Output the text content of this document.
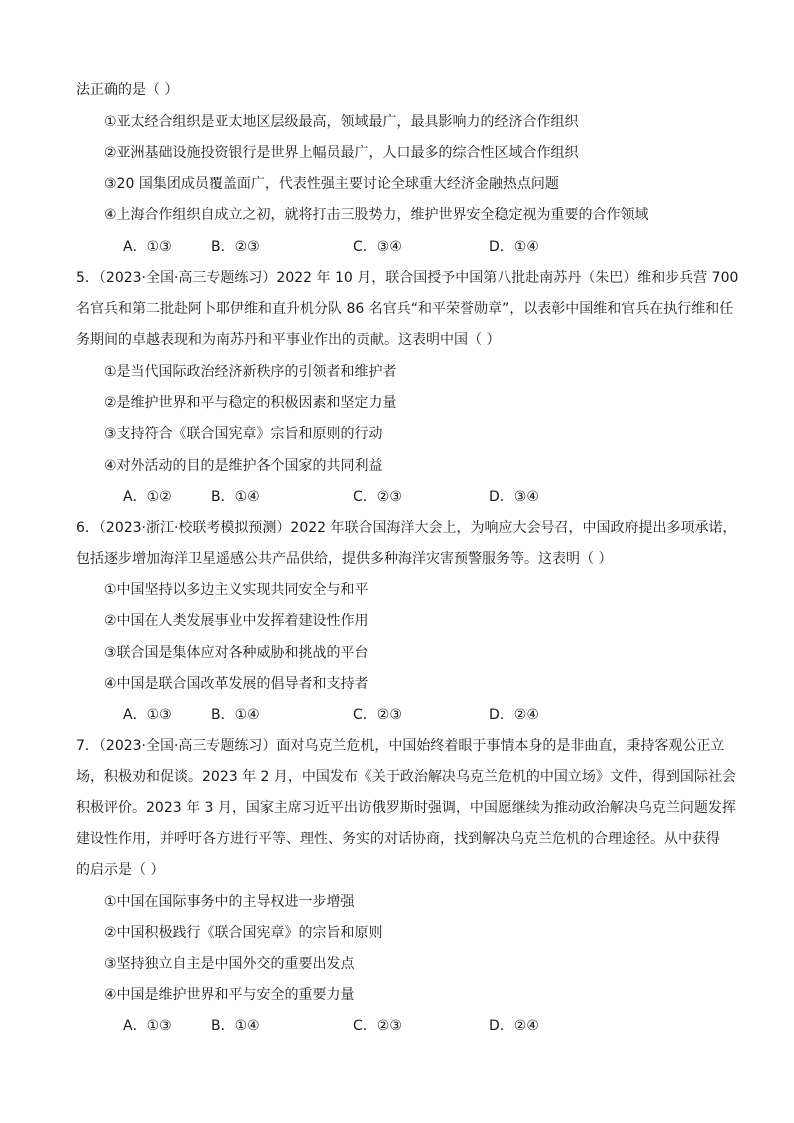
法正确的是（ ）
①亚太经合组织是亚太地区层级最高，领域最广，最具影响力的经济合作组织
②亚洲基础设施投资银行是世界上幅员最广，人口最多的综合性区域合作组织
③20 国集团成员覆盖面广，代表性强主要讨论全球重大经济金融热点问题
④上海合作组织自成立之初，就将打击三股势力，维护世界安全稳定视为重要的合作领域
A．①③	B．②③	C．③④	D．①④
5．（2023·全国·高三专题练习）2022 年 10 月，联合国授予中国第八批赴南苏丹（朱巴）维和步兵营 700
名官兵和第二批赴阿卜耶伊维和直升机分队 86 名官兵“和平荣誉勋章”，以表彰中国维和官兵在执行维和任
务期间的卓越表现和为南苏丹和平事业作出的贡献。这表明中国（ ）
①是当代国际政治经济新秩序的引领者和维护者
②是维护世界和平与稳定的积极因素和坚定力量
③支持符合《联合国宪章》宗旨和原则的行动
④对外活动的目的是维护各个国家的共同利益
A．①②	B．①④	C．②③	D．③④
6．（2023·浙江·校联考模拟预测）2022 年联合国海洋大会上，为响应大会号召，中国政府提出多项承诺，
包括逐步增加海洋卫星遥感公共产品供给，提供多种海洋灾害预警服务等。这表明（ ）
①中国坚持以多边主义实现共同安全与和平
②中国在人类发展事业中发挥着建设性作用
③联合国是集体应对各种威胁和挑战的平台
④中国是联合国改革发展的倡导者和支持者
A．①③	B．①④	C．②③	D．②④
7．（2023·全国·高三专题练习）面对乌克兰危机，中国始终着眼于事情本身的是非曲直，秉持客观公正立
场，积极劝和促谈。2023 年 2 月，中国发布《关于政治解决乌克兰危机的中国立场》文件，得到国际社会
积极评价。2023 年 3 月，国家主席习近平出访俄罗斯时强调，中国愿继续为推动政治解决乌克兰问题发挥
建设性作用，并呼吁各方进行平等、理性、务实的对话协商，找到解决乌克兰危机的合理途径。从中获得
的启示是（ ）
①中国在国际事务中的主导权进一步增强
②中国积极践行《联合国宪章》的宗旨和原则
③坚持独立自主是中国外交的重要出发点
④中国是维护世界和平与安全的重要力量
A．①③	B．①④	C．②③	D．②④
